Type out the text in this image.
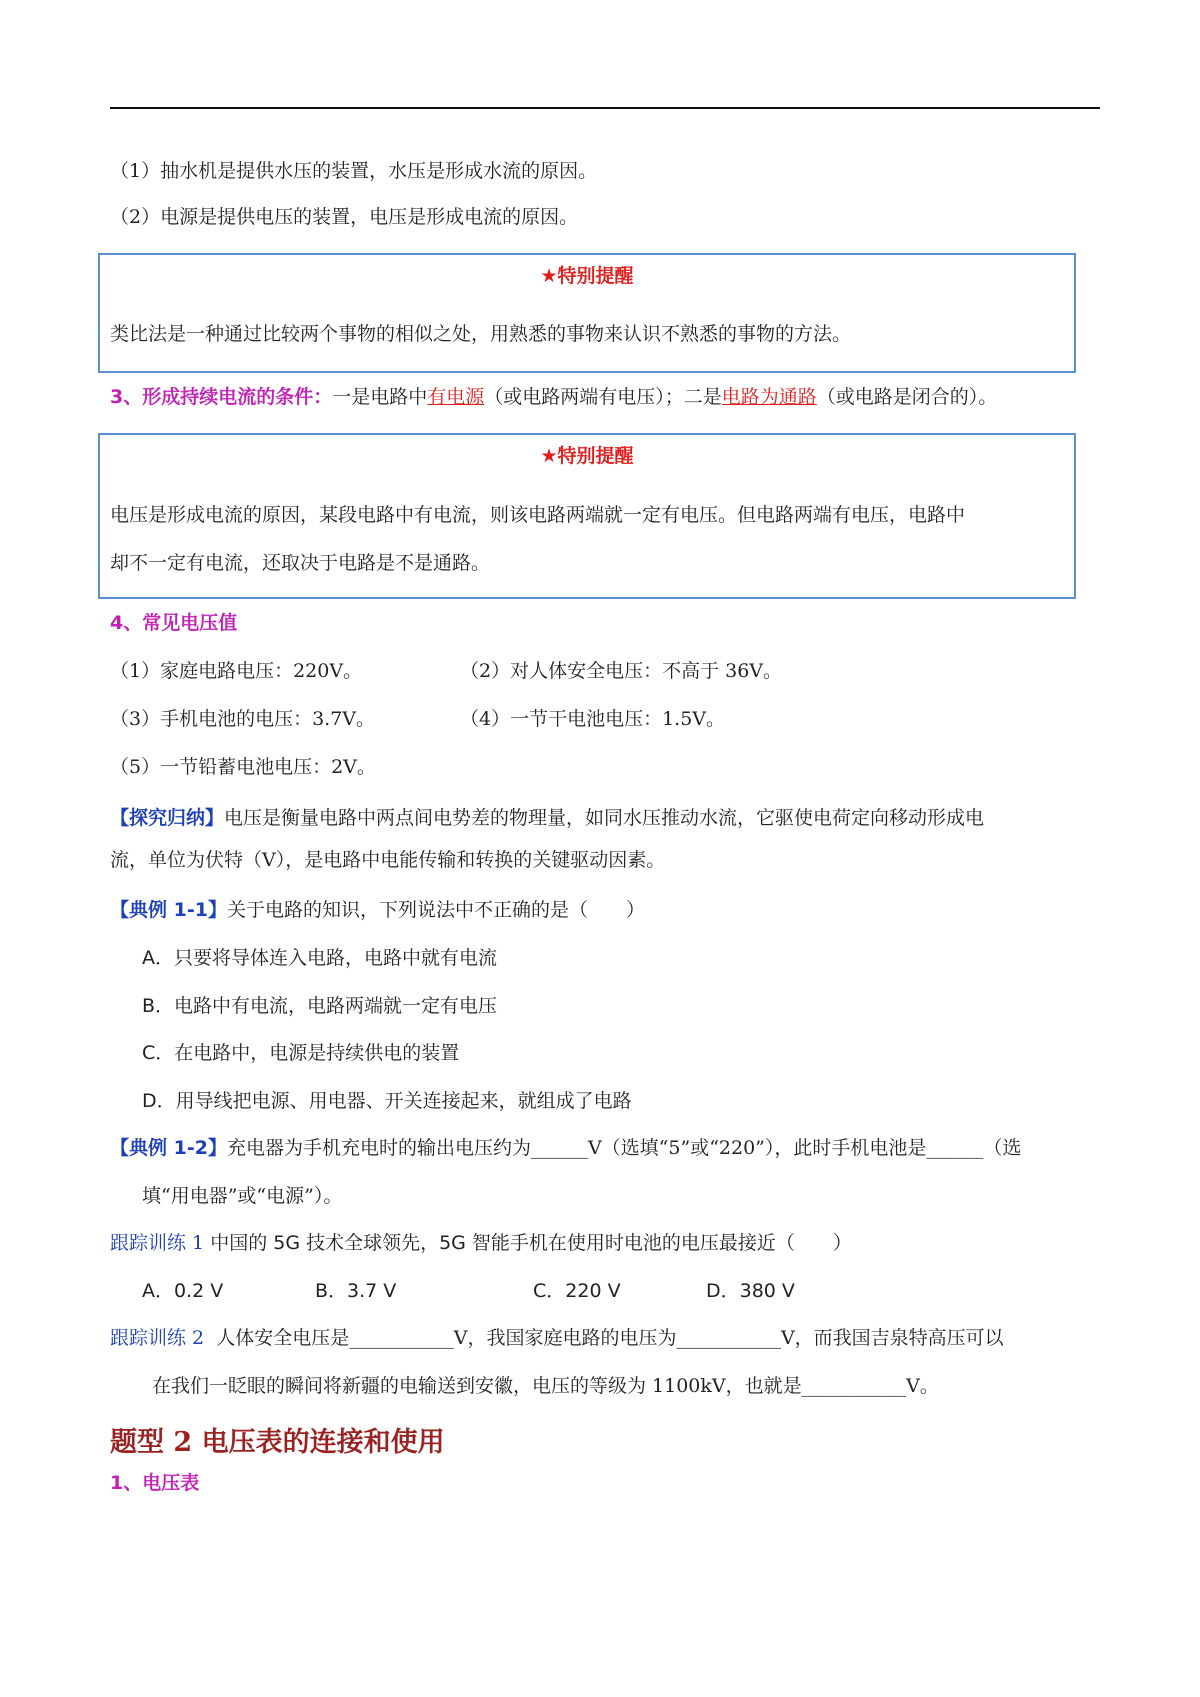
（1）抽水机是提供水压的装置，水压是形成水流的原因。
（2）电源是提供电压的装置，电压是形成电流的原因。
★特别提醒
类比法是一种通过比较两个事物的相似之处，用熟悉的事物来认识不熟悉的事物的方法。
3、形成持续电流的条件：一是电路中有电源（或电路两端有电压）；二是电路为通路（或电路是闭合的）。
★特别提醒
电压是形成电流的原因，某段电路中有电流，则该电路两端就一定有电压。但电路两端有电压，电路中
却不一定有电流，还取决于电路是不是通路。
4、常见电压值
（1）家庭电路电压：220V。	（2）对人体安全电压：不高于 36V。
（3）手机电池的电压：3.7V。	（4）一节干电池电压：1.5V。
（5）一节铅蓄电池电压：2V。
【探究归纳】电压是衡量电路中两点间电势差的物理量，如同水压推动水流，它驱使电荷定向移动形成电
流，单位为伏特（V），是电路中电能传输和转换的关键驱动因素。
【典例 1-1】关于电路的知识，下列说法中不正确的是（　　）
A．只要将导体连入电路，电路中就有电流
B．电路中有电流，电路两端就一定有电压
C．在电路中，电源是持续供电的装置
D．用导线把电源、用电器、开关连接起来，就组成了电路
【典例 1-2】充电器为手机充电时的输出电压约为______V（选填“5”或“220”），此时手机电池是______（选
填“用电器”或“电源”）。
跟踪训练 1 中国的 5G 技术全球领先，5G 智能手机在使用时电池的电压最接近（　　）
A．0.2 V	B．3.7 V	C．220 V	D．380 V
跟踪训练 2 人体安全电压是___________V，我国家庭电路的电压为___________V，而我国吉泉特高压可以
在我们一眨眼的瞬间将新疆的电输送到安徽，电压的等级为 1100kV，也就是___________V。
题型 2 电压表的连接和使用
1、电压表
